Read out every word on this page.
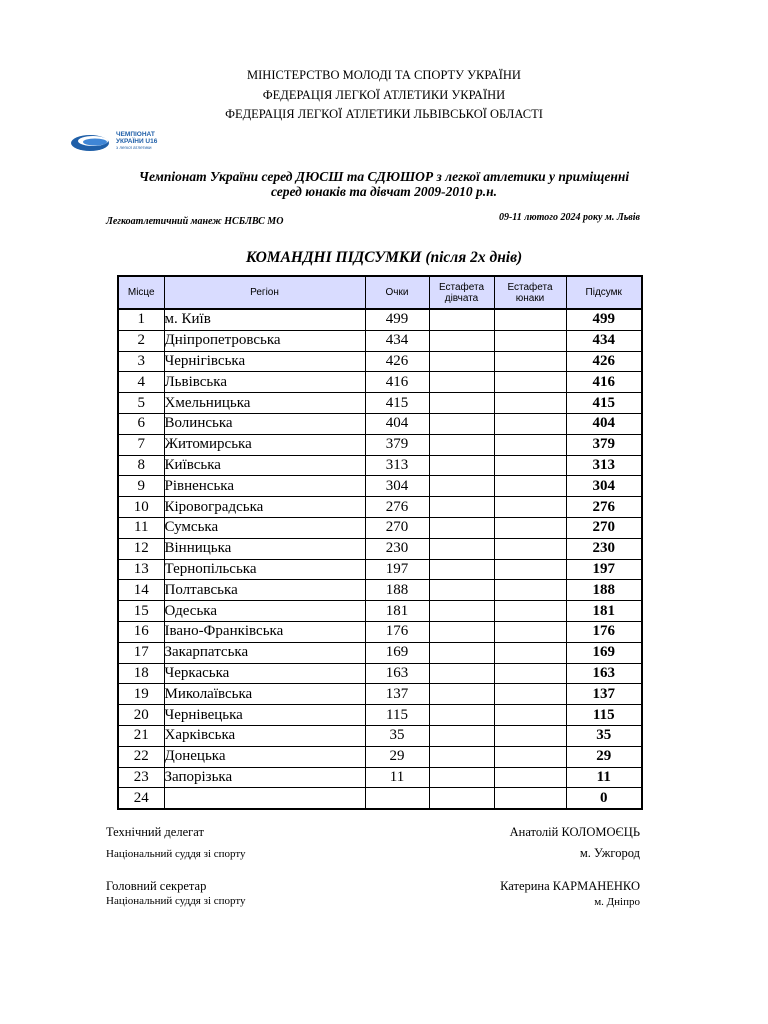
МІНІСТЕРСТВО МОЛОДІ ТА СПОРТУ УКРАЇНИ
ФЕДЕРАЦІЯ ЛЕГКОЇ АТЛЕТИКИ УКРАЇНИ
ФЕДЕРАЦІЯ ЛЕГКОЇ АТЛЕТИКИ ЛЬВІВСЬКОЇ ОБЛАСТІ
ЧЕМПІОНАТ
УКРАЇНИ U16
з легкої атлетики
Чемпіонат України серед ДЮСШ та СДЮШОР з легкої атлетики у приміщенні
серед юнаків та дівчат 2009-2010 р.н.
Легкоатлетичний манеж НСБЛВС МО	09-11 лютого 2024 року м. Львів
КОМАНДНІ ПІДСУМКИ (після 2х днів)
Місце	Регіон	Очки	Естафета дівчата	Естафета юнаки	Підсумк
1	м. Київ	499			499
2	Дніпропетровська	434			434
3	Чернігівська	426			426
4	Львівська	416			416
5	Хмельницька	415			415
6	Волинська	404			404
7	Житомирська	379			379
8	Київська	313			313
9	Рівненська	304			304
10	Кіровоградська	276			276
11	Сумська	270			270
12	Вінницька	230			230
13	Тернопільська	197			197
14	Полтавська	188			188
15	Одеська	181			181
16	Івано-Франківська	176			176
17	Закарпатська	169			169
18	Черкаська	163			163
19	Миколаївська	137			137
20	Чернівецька	115			115
21	Харківська	35			35
22	Донецька	29			29
23	Запорізька	11			11
24					0
Технічний делегат
Національний суддя зі спорту
Анатолій КОЛОМОЄЦЬ
м. Ужгород
Головний секретар
Національний суддя зі спорту
Катерина КАРМАНЕНКО
м. Дніпро
